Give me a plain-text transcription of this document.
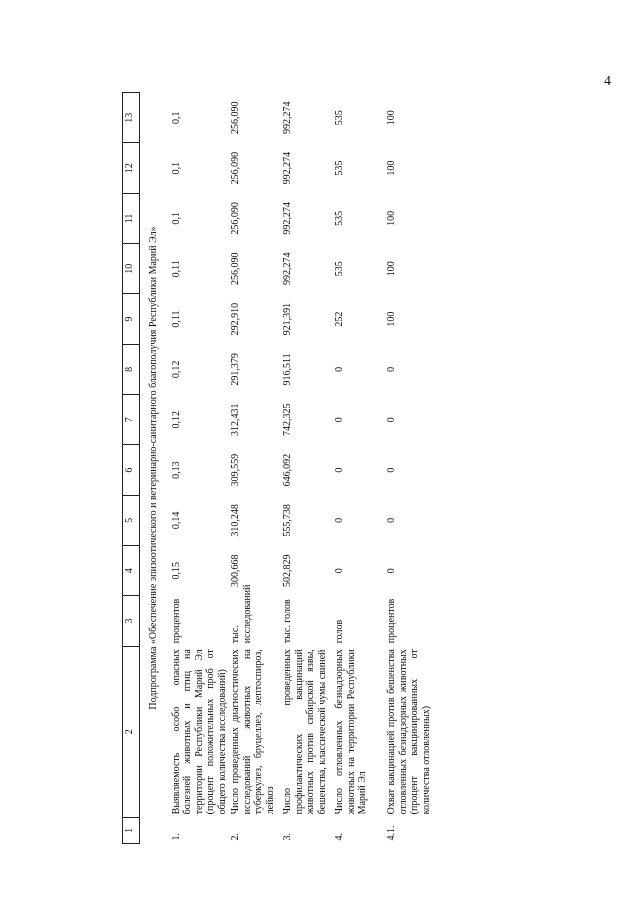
4
1	2	3	4	5	6	7	8	9	10	11	12	13
Подпрограмма «Обеспечение эпизоотического и ветеринарно-санитарного благополучия Республики Марий Эл»												
1.	Выявляемость особо опасных болезней животных и птиц на территории Республики Марий Эл (процент положительных проб от общего количества исследований)	процентов	0,15	0,14	0,13	0,12	0,12	0,11	0,11	0,1	0,1	0,1
2.	Число проведенных диагностических исследований животных на туберкулез, бруцеллез, лептоспироз, лейкоз	тыс. исследований	300,668	310,248	309,559	312,431	291,379	292,910	256,090	256,090	256,090	256,090
3.	Число проведенных профилактических вакцинаций животных против сибирской язвы, бешенства, классической чумы свиней	тыс. голов	502,829	555,738	646,092	742,325	916,511	921,391	992,274	992,274	992,274	992,274
4.	Число отловленных безнадзорных животных на территории Республики Марий Эл	голов	0	0	0	0	0	252	535	535	535	535
4.1.	Охват вакцинацией против бешенства отловленных безнадзорных животных (процент вакцинированных от количества отловленных)	процентов	0	0	0	0	0	100	100	100	100	100
